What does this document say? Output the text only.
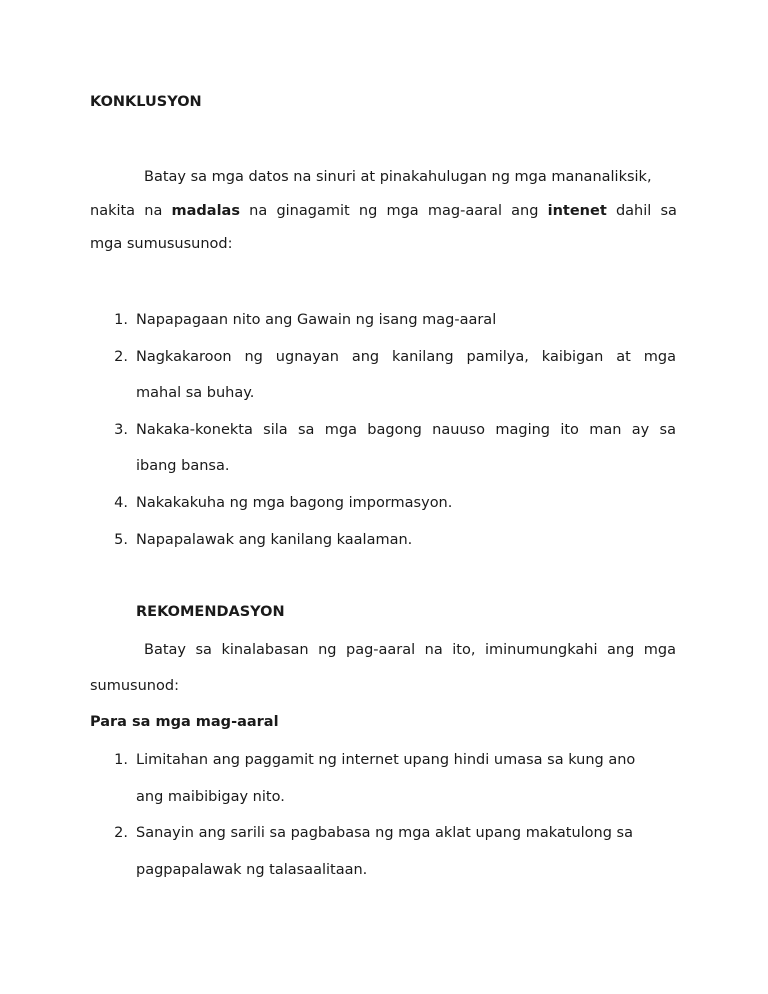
KONKLUSYON
Batay sa mga datos na sinuri at pinakahulugan ng mga mananaliksik,
nakita na madalas na ginagamit ng mga mag-aaral ang intenet dahil sa
mga sumususunod:
1. Napapagaan nito ang Gawain ng isang mag-aaral
2. Nagkakaroon ng ugnayan ang kanilang pamilya, kaibigan at mga
mahal sa buhay.
3. Nakaka-konekta sila sa mga bagong nauuso maging ito man ay sa
ibang bansa.
4. Nakakakuha ng mga bagong impormasyon.
5. Napapalawak ang kanilang kaalaman.
REKOMENDASYON
Batay sa kinalabasan ng pag-aaral na ito, iminumungkahi ang mga
sumusunod:
Para sa mga mag-aaral
1. Limitahan ang paggamit ng internet upang hindi umasa sa kung ano
ang maibibigay nito.
2. Sanayin ang sarili sa pagbabasa ng mga aklat upang makatulong sa
pagpapalawak ng talasaalitaan.
